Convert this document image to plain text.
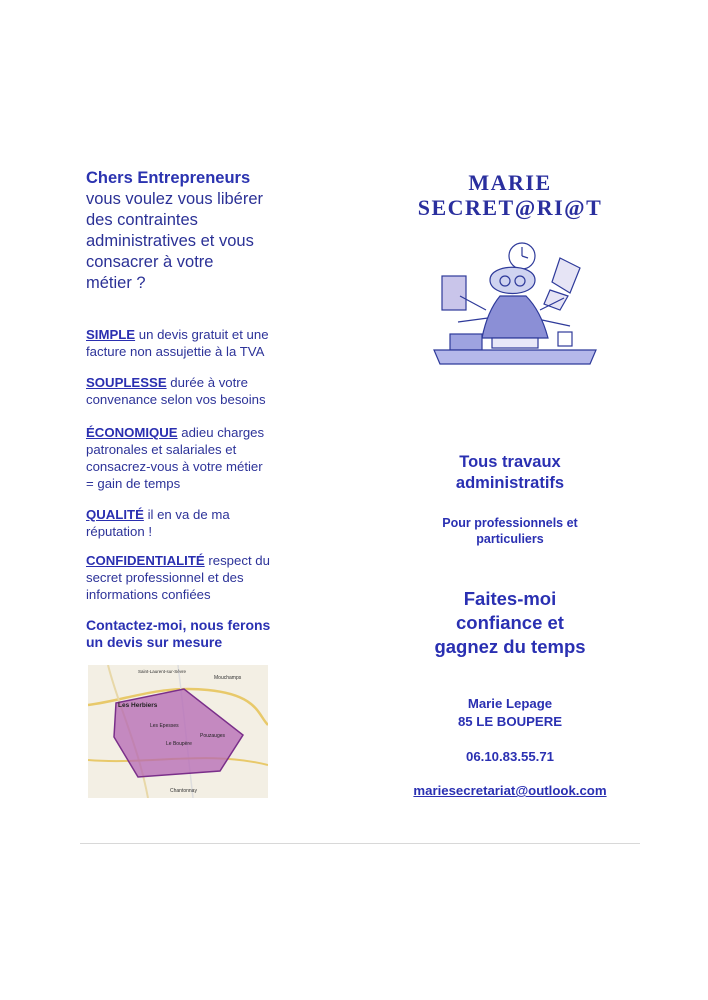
Chers Entrepreneurs
vous voulez vous libérer
des contraintes
administratives et vous
consacrer à votre
métier ?
SIMPLE un devis gratuit et une
facture non assujettie à la TVA
SOUPLESSE durée à votre
convenance selon vos besoins
ÉCONOMIQUE adieu charges
patronales et salariales et
consacrez-vous à votre métier
= gain de temps
QUALITÉ il en va de ma
réputation !
CONFIDENTIALITÉ respect du
secret professionnel et des
informations confiées
Contactez-moi, nous ferons
un devis sur mesure
Les Herbiers
Mouchamps
Le Boupère
Pouzauges
Chantonnay
Les Epesses
Saint-Laurent-sur-Sèvre
MARIE
SECRET@RI@T
Tous travaux
administratifs
Pour professionnels et
particuliers
Faites-moi
confiance et
gagnez du temps
Marie Lepage
85 LE BOUPERE
06.10.83.55.71
mariesecretariat@outlook.com
